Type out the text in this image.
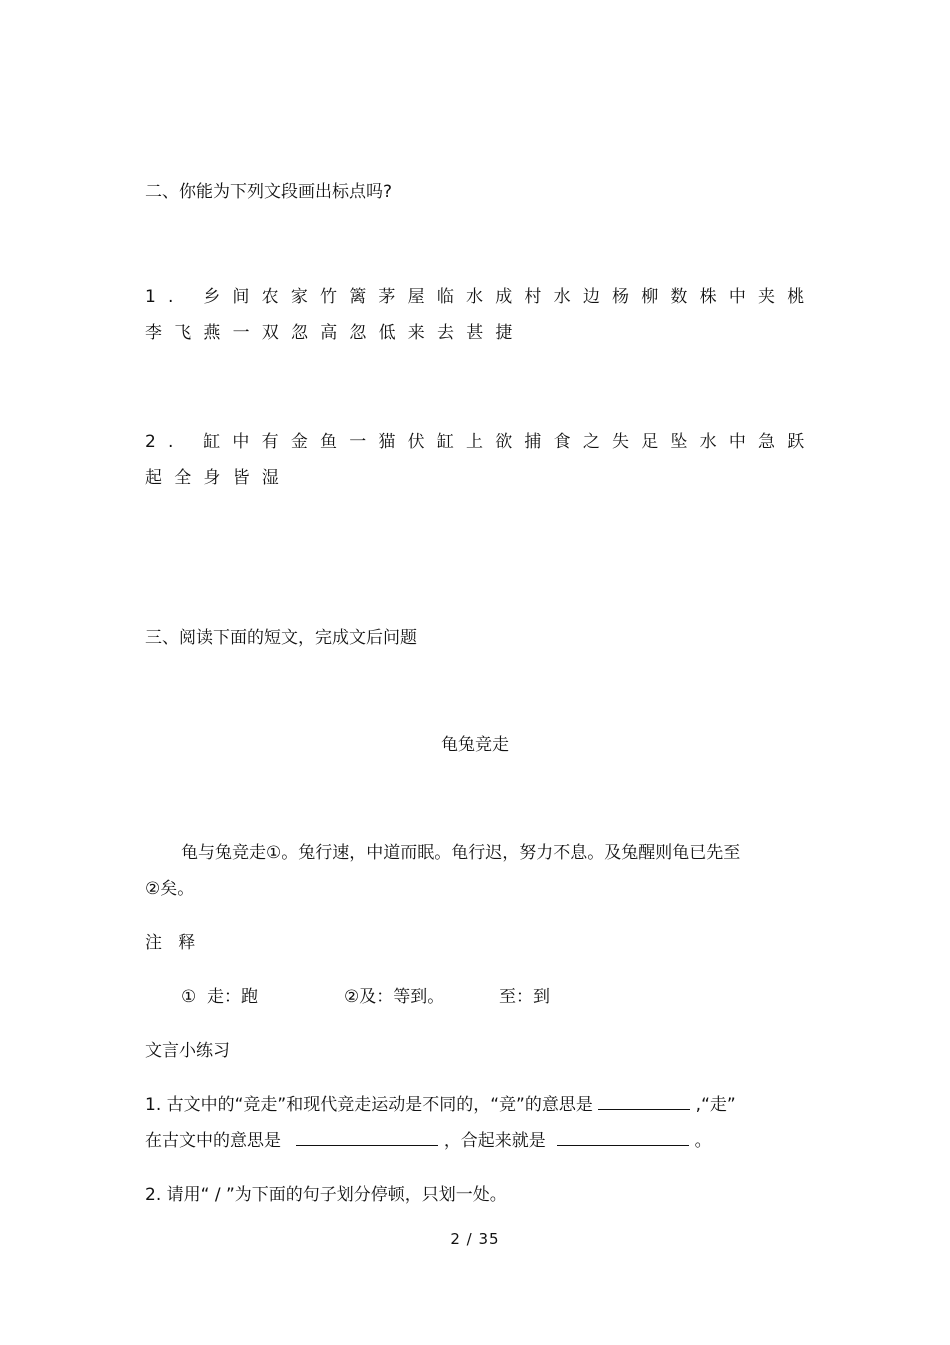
二、你能为下列文段画出标点吗?
1. 乡间农家竹篱茅屋临水成村水边杨柳数株中夹桃
李飞燕一双忽高忽低来去甚捷
2. 缸中有金鱼一猫伏缸上欲捕食之失足坠水中急跃
起全身皆湿
三、阅读下面的短文，完成文后问题
龟兔竞走
龟与兔竞走①。兔行速，中道而眠。龟行迟，努力不息。及兔醒则龟已先至
②矣。
注   释
①  走：跑	②及：等到。	至：到
文言小练习
1. 古文中的“竞走”和现代竞走运动是不同的，“竞”的意思是	,“走”
在古文中的意思是	，合起来就是	。
2. 请用“ / ”为下面的句子划分停顿，只划一处。
2 / 35
